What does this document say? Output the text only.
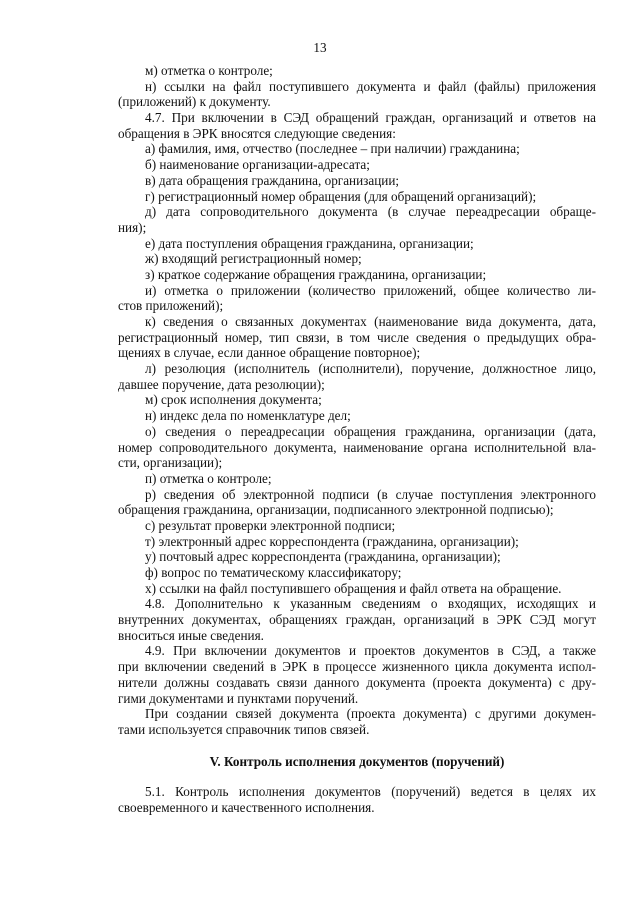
13
м) отметка о контроле;
н) ссылки на файл поступившего документа и файл (файлы) приложения
(приложений) к документу.
4.7. При включении в СЭД обращений граждан, организаций и ответов на
обращения в ЭРК вносятся следующие сведения:
а) фамилия, имя, отчество (последнее – при наличии) гражданина;
б) наименование организации-адресата;
в) дата обращения гражданина, организации;
г) регистрационный номер обращения (для обращений организаций);
д) дата сопроводительного документа (в случае переадресации обраще-
ния);
е) дата поступления обращения гражданина, организации;
ж) входящий регистрационный номер;
з) краткое содержание обращения гражданина, организации;
и) отметка о приложении (количество приложений, общее количество ли-
стов приложений);
к) сведения о связанных документах (наименование вида документа, дата,
регистрационный номер, тип связи, в том числе сведения о предыдущих обра-
щениях в случае, если данное обращение повторное);
л) резолюция (исполнитель (исполнители), поручение, должностное лицо,
давшее поручение, дата резолюции);
м) срок исполнения документа;
н) индекс дела по номенклатуре дел;
о) сведения о переадресации обращения гражданина, организации (дата,
номер сопроводительного документа, наименование органа исполнительной вла-
сти, организации);
п) отметка о контроле;
р) сведения об электронной подписи (в случае поступления электронного
обращения гражданина, организации, подписанного электронной подписью);
с) результат проверки электронной подписи;
т) электронный адрес корреспондента (гражданина, организации);
у) почтовый адрес корреспондента (гражданина, организации);
ф) вопрос по тематическому классификатору;
х) ссылки на файл поступившего обращения и файл ответа на обращение.
4.8. Дополнительно к указанным сведениям о входящих, исходящих и
внутренних документах, обращениях граждан, организаций в ЭРК СЭД могут
вноситься иные сведения.
4.9. При включении документов и проектов документов в СЭД, а также
при включении сведений в ЭРК в процессе жизненного цикла документа испол-
нители должны создавать связи данного документа (проекта документа) с дру-
гими документами и пунктами поручений.
При создании связей документа (проекта документа) с другими докумен-
тами используется справочник типов связей.
V. Контроль исполнения документов (поручений)
5.1. Контроль исполнения документов (поручений) ведется в целях их
своевременного и качественного исполнения.
